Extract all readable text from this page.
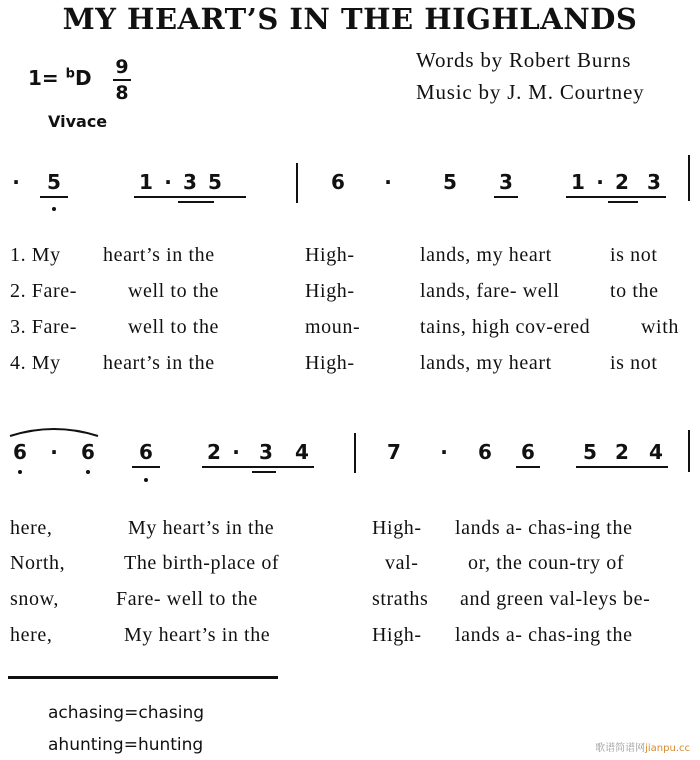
MY HEART’S IN THE HIGHLANDS
1= $^b$D 9
8
Vivace
Words by Robert Burns
Music by J. M. Courtney
·	5	1 · 3 5	6	·	5 3	1 · 2 3
1. My heart’s in the	High-	lands, my heart	is not
2. Fare-	well to the	High-	lands, fare- well	to the
3. Fare-	well to the	moun-	tains, high cov-ered	with
4. My heart’s in the	High-	lands, my heart	is not
6	·	6 6	2 · 3 4	7	·	6 6 5 2 4
here,	My heart’s in the	High- lands a- chas-ing the
North,	The birth-place of	val- or, the coun-try of
snow,	Fare- well to the	straths and green val-leys be-
here,	My heart’s in the	High- lands a- chas-ing the
achasing=chasing
ahunting=hunting	歌谱简谱网jianpu.cc
